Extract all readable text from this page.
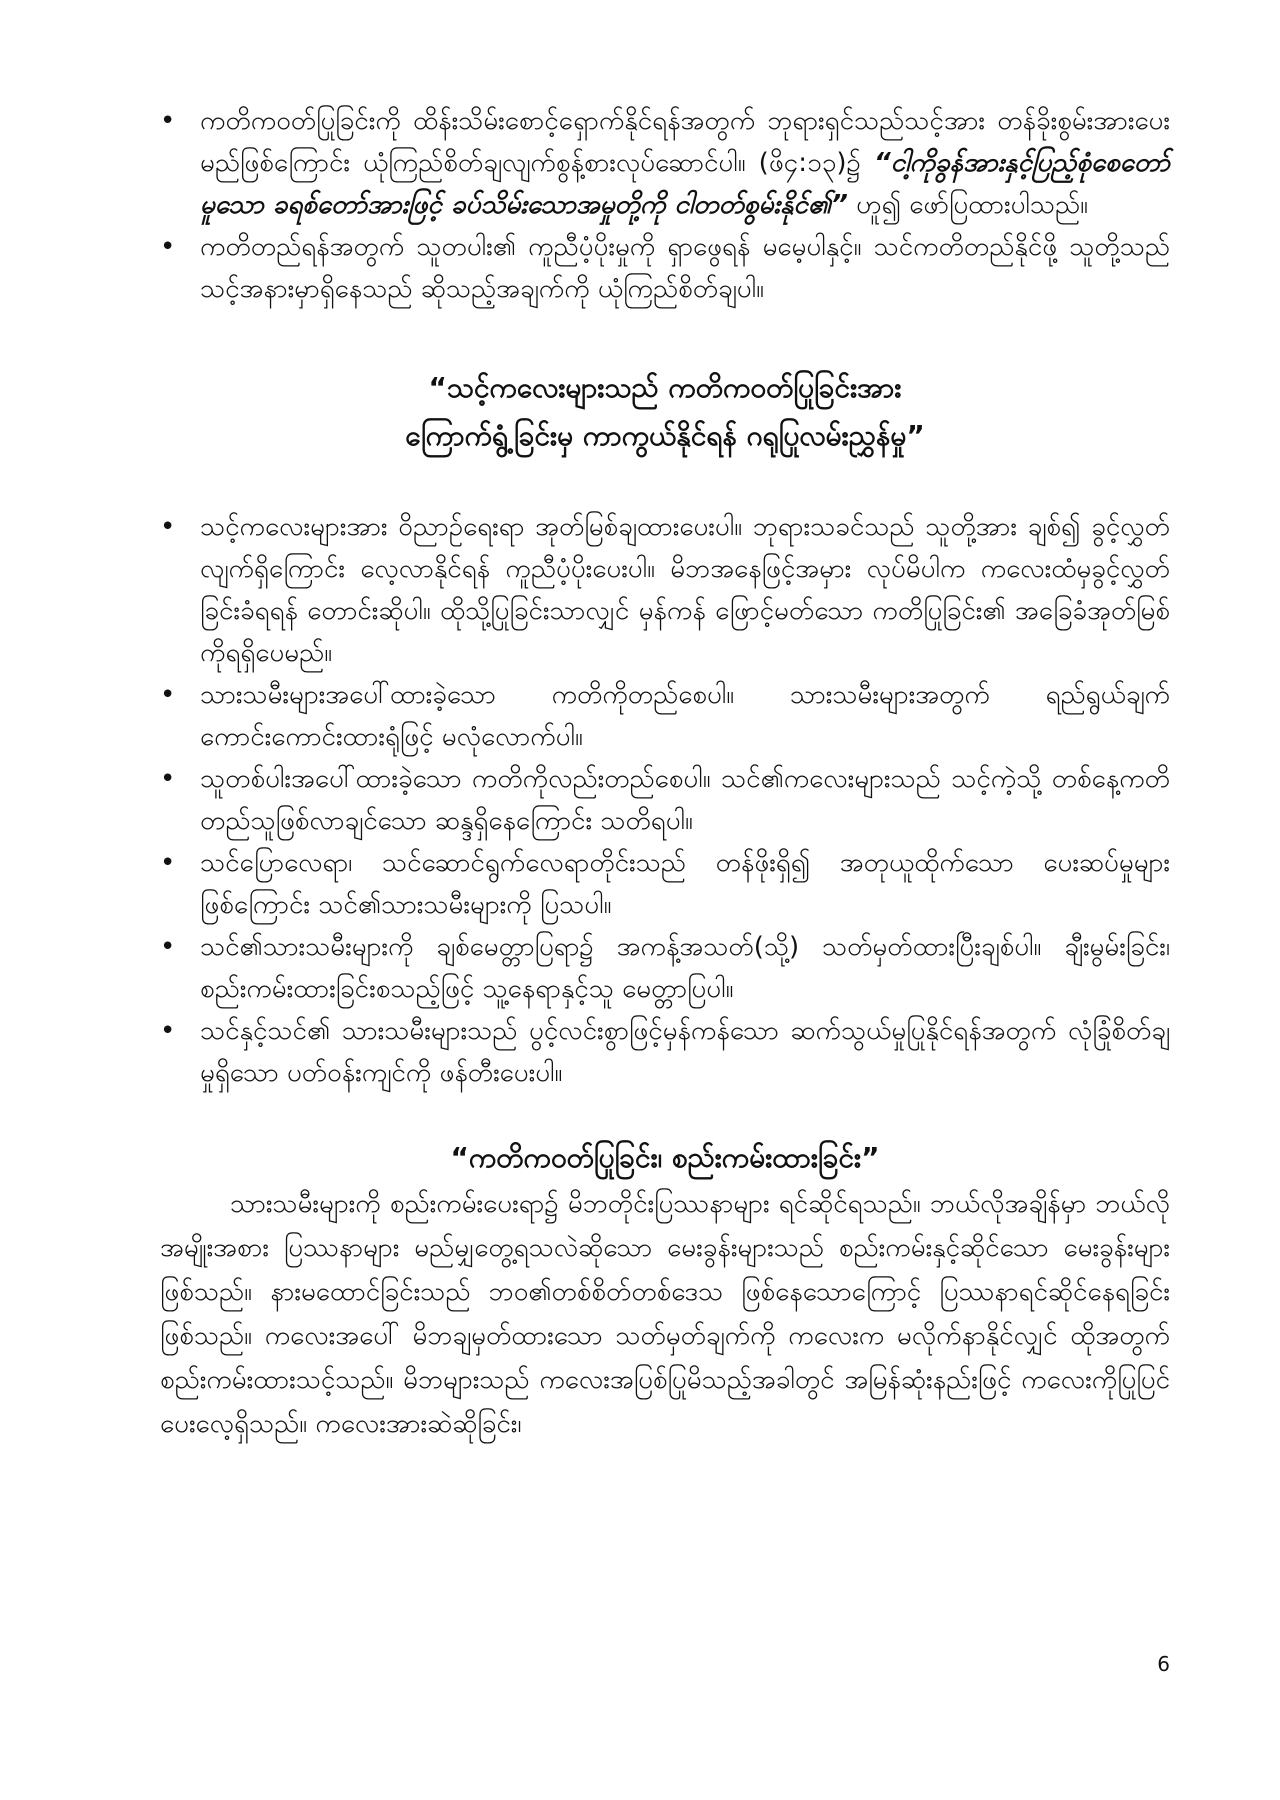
• ကတိကဝတ်ပြုခြင်းကို ထိန်းသိမ်းစောင့်ရှောက်နိုင်ရန်အတွက် ဘုရားရှင်သည်သင့်အား တန်ခိုးစွမ်းအားပေးမည်ဖြစ်ကြောင်း ယုံကြည်စိတ်ချလျက်စွန့်စားလုပ်ဆောင်ပါ။ (ဖိ၄:၁၃)၌ “ငါ့ကိုခွန်အားနှင့်ပြည့်စုံစေတော်မူသော ခရစ်တော်အားဖြင့် ခပ်သိမ်းသောအမှုတို့ကို ငါတတ်စွမ်းနိုင်၏” ဟူ၍ ဖော်ပြထားပါသည်။
• ကတိတည်ရန်အတွက် သူတပါး၏ ကူညီပံ့ပိုးမှုကို ရှာဖွေရန် မမေ့ပါနှင့်။ သင်ကတိတည်နိုင်ဖို့ သူတို့သည် သင့်အနားမှာရှိနေသည် ဆိုသည့်အချက်ကို ယုံကြည်စိတ်ချပါ။
“သင့်ကလေးများသည် ကတိကဝတ်ပြုခြင်းအား
ကြောက်ရွံ့ခြင်းမှ ကာကွယ်နိုင်ရန် ဂရုပြုလမ်းညွှန်မှု”
• သင့်ကလေးများအား ဝိညာဉ်ရေးရာ အုတ်မြစ်ချထားပေးပါ။ ဘုရားသခင်သည် သူတို့အား ချစ်၍ ခွင့်လွှတ်လျက်ရှိကြောင်း လေ့လာနိုင်ရန် ကူညီပံ့ပိုးပေးပါ။ မိဘအနေဖြင့်အမှား လုပ်မိပါက ကလေးထံမှခွင့်လွှတ်ခြင်းခံရရန် တောင်းဆိုပါ။ ထိုသို့ပြုခြင်းသာလျှင် မှန်ကန် ဖြောင့်မတ်သော ကတိပြုခြင်း၏ အခြေခံအုတ်မြစ်ကိုရရှိပေမည်။
• သားသမီးများအပေါ်ထားခဲ့သော ကတိကိုတည်စေပါ။ သားသမီးများအတွက် ရည်ရွယ်ချက် ကောင်းကောင်းထားရုံဖြင့် မလုံလောက်ပါ။
• သူတစ်ပါးအပေါ်ထားခဲ့သော ကတိကိုလည်းတည်စေပါ။ သင်၏ကလေးများသည် သင့်ကဲ့သို့ တစ်နေ့ကတိတည်သူဖြစ်လာချင်သော ဆန္ဒရှိနေကြောင်း သတိရပါ။
• သင်ပြောလေရာ၊ သင်ဆောင်ရွက်လေရာတိုင်းသည် တန်ဖိုးရှိ၍ အတုယူထိုက်သော ပေးဆပ်မှုများ ဖြစ်ကြောင်း သင်၏သားသမီးများကို ပြသပါ။
• သင်၏သားသမီးများကို ချစ်မေတ္တာပြရာ၌ အကန့်အသတ်(သို့) သတ်မှတ်ထားပြီးချစ်ပါ။ ချီးမွမ်းခြင်း၊ စည်းကမ်းထားခြင်းစသည့်ဖြင့် သူ့နေရာနှင့်သူ မေတ္တာပြပါ။
• သင်နှင့်သင်၏ သားသမီးများသည် ပွင့်လင်းစွာဖြင့်မှန်ကန်သော ဆက်သွယ်မှုပြုနိုင်ရန်အတွက် လုံခြုံစိတ်ချမှုရှိသော ပတ်ဝန်းကျင်ကို ဖန်တီးပေးပါ။
“ကတိကဝတ်ပြုခြင်း၊ စည်းကမ်းထားခြင်း”

သားသမီးများကို စည်းကမ်းပေးရာ၌ မိဘတိုင်းပြဿနာများ ရင်ဆိုင်ရသည်။ ဘယ်လိုအချိန်မှာ ဘယ်လိုအမျိုးအစား ပြဿနာများ မည်မျှတွေ့ရသလဲဆိုသော မေးခွန်းများသည် စည်းကမ်းနှင့်ဆိုင်သော မေးခွန်းများဖြစ်သည်။ နားမထောင်ခြင်းသည် ဘဝ၏တစ်စိတ်တစ်ဒေသ ဖြစ်နေသောကြောင့် ပြဿနာရင်ဆိုင်နေရခြင်းဖြစ်သည်။ ကလေးအပေါ် မိဘချမှတ်ထားသော သတ်မှတ်ချက်ကို ကလေးက မလိုက်နာနိုင်လျှင် ထိုအတွက်စည်းကမ်းထားသင့်သည်။ မိဘများသည် ကလေးအပြစ်ပြုမိသည့်အခါတွင် အမြန်ဆုံးနည်းဖြင့် ကလေးကိုပြုပြင်ပေးလေ့ရှိသည်။ ကလေးအားဆဲဆိုခြင်း၊

6
